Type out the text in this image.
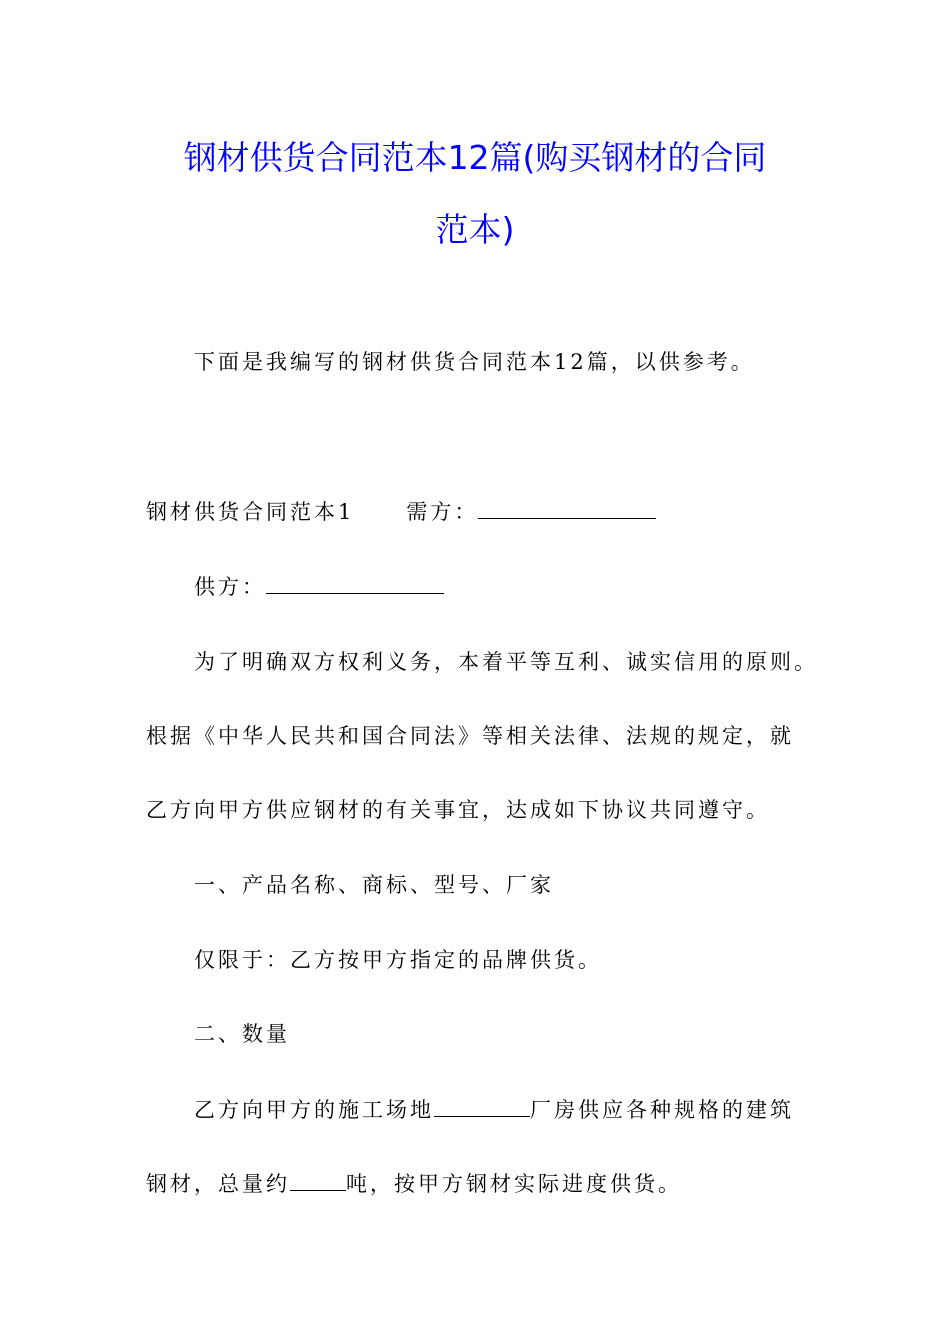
钢材供货合同范本12篇(购买钢材的合同
范本)

下面是我编写的钢材供货合同范本12篇，以供参考。

钢材供货合同范本1 需方：

供方：

为了明确双方权利义务，本着平等互利、诚实信用的原则。

根据《中华人民共和国合同法》等相关法律、法规的规定，就

乙方向甲方供应钢材的有关事宜，达成如下协议共同遵守。

一、产品名称、商标、型号、厂家

仅限于：乙方按甲方指定的品牌供货。

二、数量

乙方向甲方的施工场地	厂房供应各种规格的建筑

钢材，总量约	吨，按甲方钢材实际进度供货。
